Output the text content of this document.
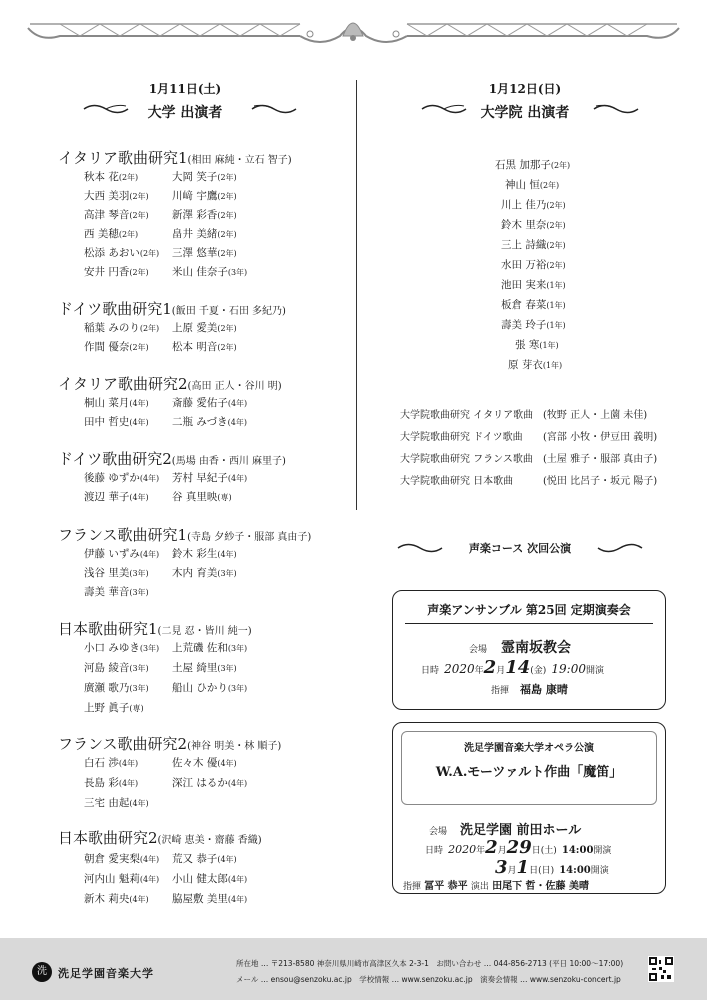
1月11日(土)
大学 出演者
1月12日(日)
大学院 出演者
イタリア歌曲研究1(相田 麻純・立石 智子)
秋本 花(2年)	大岡 笑子(2年)
大西 美羽(2年) 川﨑 宇鷹(2年)
高津 琴音(2年) 新澤 彩香(2年)
西 美穂(2年)	畠井 美緒(2年)
松添 あおい(2年) 三澤 悠華(2年)
安井 円香(2年) 米山 佳奈子(3年)
ドイツ歌曲研究1(飯田 千夏・石田 多紀乃)
稲葉 みのり(2年) 上原 愛美(2年)
作間 優奈(2年) 松本 明音(2年)
イタリア歌曲研究2(高田 正人・谷川 明)
桐山 菜月(4年) 斎藤 愛佑子(4年)
田中 哲史(4年) 二瓶 みづき(4年)
ドイツ歌曲研究2(馬場 由香・西川 麻里子)
後藤 ゆずか(4年) 芳村 早紀子(4年)
渡辺 華子(4年) 谷 真里映(専)
フランス歌曲研究1(寺島 夕紗子・服部 真由子)
伊藤 いずみ(4年) 鈴木 彩生(4年)
浅谷 里美(3年) 木内 育美(3年)
壽美 華音(3年)
日本歌曲研究1(二見 忍・皆川 純一)
小口 みゆき(3年) 上荒磯 佐和(3年)
河島 綾音(3年) 土屋 綺里(3年)
廣瀬 歌乃(3年) 船山 ひかり(3年)
上野 眞子(専)
フランス歌曲研究2(神谷 明美・林 順子)
白石 渉(4年)	佐々木 優(4年)
長島 彩(4年)	深江 はるか(4年)
三宅 由起(4年)
日本歌曲研究2(沢崎 恵美・齋藤 香織)
朝倉 愛実梨(4年) 荒又 恭子(4年)
河内山 魁莉(4年) 小山 健太郎(4年)
新木 莉央(4年) 脇屋敷 美里(4年)
石黒 加那子(2年)
神山 恒(2年)
川上 佳乃(2年)
鈴木 里奈(2年)
三上 詩織(2年)
水田 万裕(2年)
池田 実来(1年)
板倉 春菜(1年)
壽美 玲子(1年)
張 寒(1年)
原 芽衣(1年)
大学院歌曲研究 イタリア歌曲 (牧野 正人・上薗 未佳)
大学院歌曲研究 ドイツ歌曲 (宮部 小牧・伊豆田 義明)
大学院歌曲研究 フランス歌曲 (土屋 雅子・服部 真由子)
大学院歌曲研究 日本歌曲	(悦田 比呂子・坂元 陽子)
声楽コース 次回公演
声楽アンサンブル 第25回 定期演奏会
会場　 霊南坂教会
日時 2020年2月14(金) 19:00開演
指揮　 福島 康晴
洗足学園音楽大学オペラ公演
W.A.モーツァルト作曲「魔笛」
会場　 洗足学園 前田ホール
日時 2020年2月29日(土) 14:00開演
3月1日(日) 14:00開演
指揮 冨平 恭平 演出 田尾下 哲・佐藤 美晴
洗	洗足学園音楽大学
所在地 … 〒213-8580 神奈川県川崎市高津区久本 2-3-1　お問い合わせ … 044-856-2713 (平日 10:00〜17:00)
メール … ensou@senzoku.ac.jp　学校情報 … www.senzoku.ac.jp　演奏会情報 … www.senzoku-concert.jp
